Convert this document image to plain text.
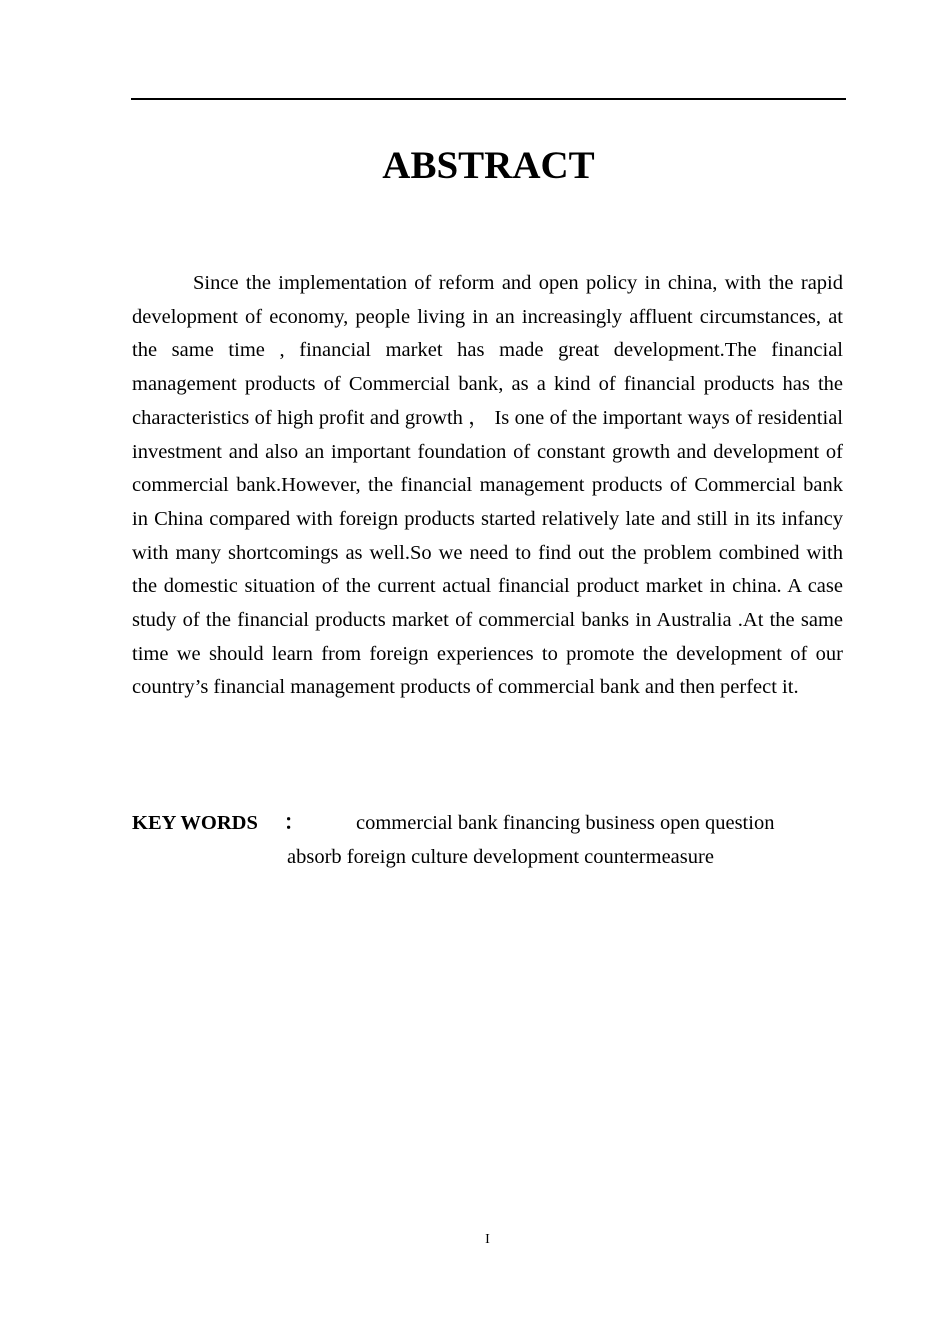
ABSTRACT

Since the implementation of reform and open policy in china, with the rapid development of economy, people living in an increasingly affluent circumstances, at the same time , financial market has made great development.The financial management products of Commercial bank, as a kind of financial products has the characteristics of high profit and growth ， Is one of the important ways of residential investment and also an important foundation of constant growth and development of commercial bank.However, the financial management products of Commercial bank in China compared with foreign products started relatively late and still in its infancy with many shortcomings as well.So we need to find out the problem combined with the domestic situation of the current actual financial product market in china. A case study of the financial products market of commercial banks in Australia .At the same time we should learn from foreign experiences to promote the development of our country’s financial management products of commercial bank and then perfect it.

KEY WORDS ：	commercial bank financing business open question
absorb foreign culture development countermeasure
I
